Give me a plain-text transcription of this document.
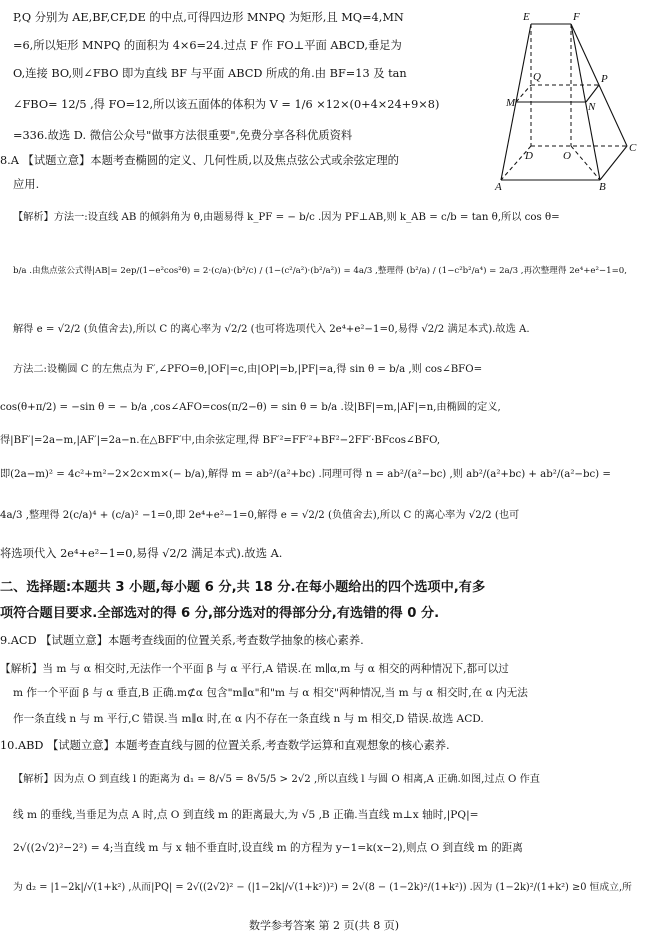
E	F
Q	P
M	N
D	O
C
A	B
P,Q 分别为 AE,BF,CF,DE 的中点,可得四边形 MNPQ 为矩形,且 MQ=4,MN
=6,所以矩形 MNPQ 的面积为 4×6=24.过点 F 作 FO⊥平面 ABCD,垂足为
O,连接 BO,则∠FBO 即为直线 BF 与平面 ABCD 所成的角.由 BF=13 及 tan
∠FBO= 12/5 ,得 FO=12,所以该五面体的体积为 V = 1/6 ×12×(0+4×24+9×8)
=336.故选 D. 微信公众号"做事方法很重要",免费分享各科优质资料
8.A 【试题立意】本题考查椭圆的定义、几何性质,以及焦点弦公式或余弦定理的
应用.
【解析】方法一:设直线 AB 的倾斜角为 θ,由题易得 k_PF = − b/c .因为 PF⊥AB,则 k_AB = c/b = tan θ,所以 cos θ=
b/a .由焦点弦公式得|AB|= 2ep/(1−e²cos²θ) = 2·(c/a)·(b²/c) / (1−(c²/a²)·(b²/a²)) = 4a/3 ,整理得 (b²/a) / (1−c²b²/a⁴) = 2a/3 ,再次整理得 2e⁴+e²−1=0,
解得 e = √2/2 (负值舍去),所以 C 的离心率为 √2/2 (也可将选项代入 2e⁴+e²−1=0,易得 √2/2 满足本式).故选 A.
方法二:设椭圆 C 的左焦点为 F′,∠PFO=θ,|OF|=c,由|OP|=b,|PF|=a,得 sin θ = b/a ,则 cos∠BFO=
cos(θ+π/2) = −sin θ = − b/a ,cos∠AFO=cos(π/2−θ) = sin θ = b/a .设|BF|=m,|AF|=n,由椭圆的定义,
得|BF′|=2a−m,|AF′|=2a−n.在△BFF′中,由余弦定理,得 BF′²=FF′²+BF²−2FF′·BFcos∠BFO,
即(2a−m)² = 4c²+m²−2×2c×m×(− b/a),解得 m = ab²/(a²+bc) .同理可得 n = ab²/(a²−bc) ,则 ab²/(a²+bc) + ab²/(a²−bc) =
4a/3 ,整理得 2(c/a)⁴ + (c/a)² −1=0,即 2e⁴+e²−1=0,解得 e = √2/2 (负值舍去),所以 C 的离心率为 √2/2 (也可
将选项代入 2e⁴+e²−1=0,易得 √2/2 满足本式).故选 A.
二、选择题:本题共 3 小题,每小题 6 分,共 18 分.在每小题给出的四个选项中,有多
项符合题目要求.全部选对的得 6 分,部分选对的得部分分,有选错的得 0 分.
9.ACD 【试题立意】本题考查线面的位置关系,考查数学抽象的核心素养.
【解析】当 m 与 α 相交时,无法作一个平面 β 与 α 平行,A 错误.在 m∥α,m 与 α 相交的两种情况下,都可以过
m 作一个平面 β 与 α 垂直,B 正确.m⊄α 包含"m∥α"和"m 与 α 相交"两种情况,当 m 与 α 相交时,在 α 内无法
作一条直线 n 与 m 平行,C 错误.当 m∥α 时,在 α 内不存在一条直线 n 与 m 相交,D 错误.故选 ACD.
10.ABD 【试题立意】本题考查直线与圆的位置关系,考查数学运算和直观想象的核心素养.
【解析】因为点 O 到直线 l 的距离为 d₁ = 8/√5 = 8√5/5 > 2√2 ,所以直线 l 与圆 O 相离,A 正确.如图,过点 O 作直
线 m 的垂线,当垂足为点 A 时,点 O 到直线 m 的距离最大,为 √5 ,B 正确.当直线 m⊥x 轴时,|PQ|=
2√((2√2)²−2²) = 4;当直线 m 与 x 轴不垂直时,设直线 m 的方程为 y−1=k(x−2),则点 O 到直线 m 的距离
为 d₂ = |1−2k|/√(1+k²) ,从而|PQ| = 2√((2√2)² − (|1−2k|/√(1+k²))²) = 2√(8 − (1−2k)²/(1+k²)) .因为 (1−2k)²/(1+k²) ≥0 恒成立,所
数学参考答案 第 2 页(共 8 页)
